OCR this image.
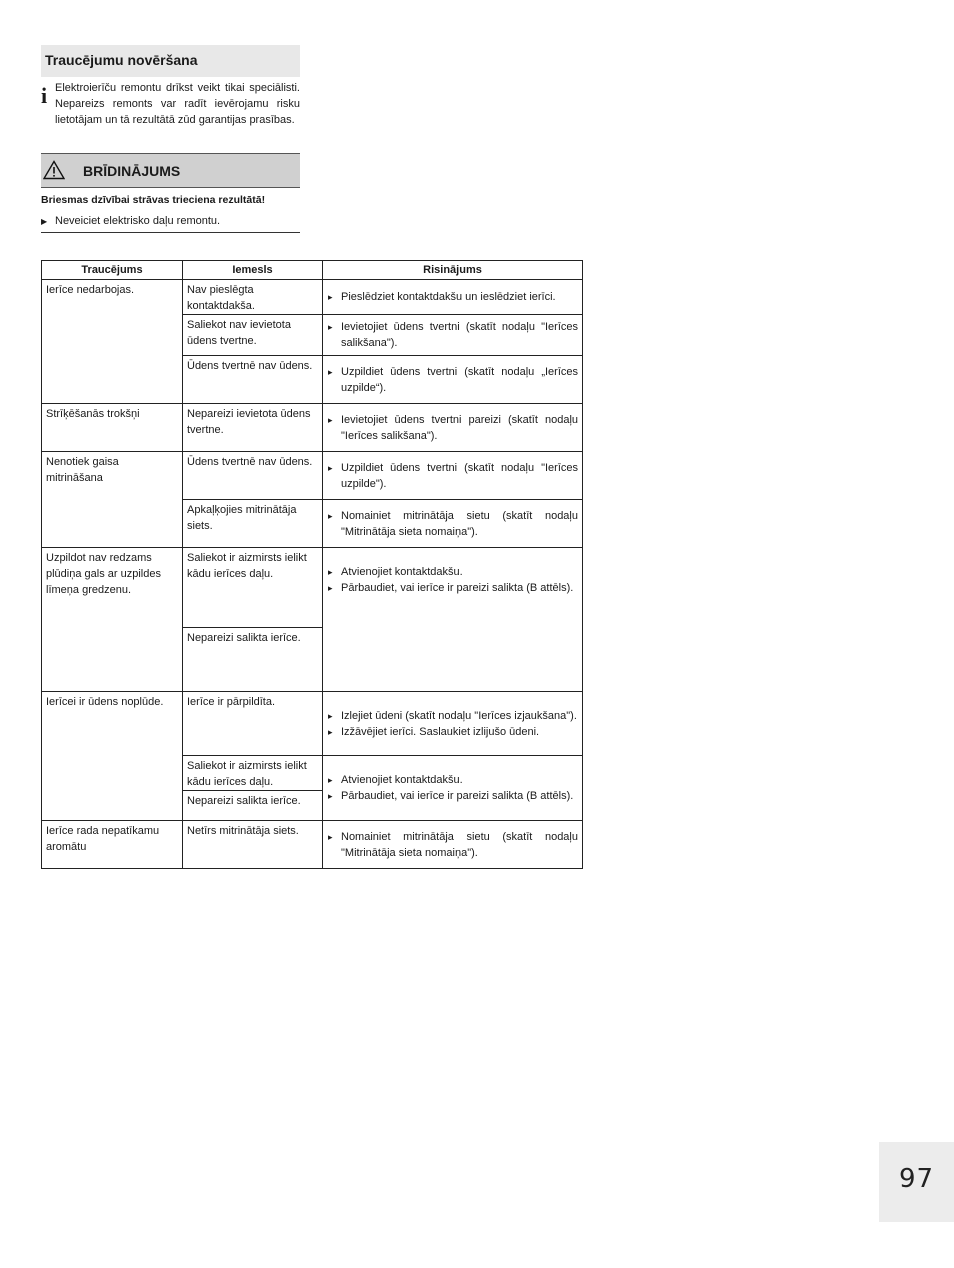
Traucējumu novēršana
i Elektroierīču remontu drīkst veikt tikai speciālisti. Nepareizs remonts var radīt ievērojamu risku lietotājam un tā rezultātā zūd garantijas prasības.
BRĪDINĀJUMS
Briesmas dzīvībai strāvas trieciena rezultātā!
▶ Neveiciet elektrisko daļu remontu.
Traucējums	Iemesls	Risinājums
Ierīce nedarbojas.	Nav pieslēgta kontaktdakša.	▸ Pieslēdziet kontaktdakšu un ieslēdziet ierīci.

	Saliekot nav ievietota ūdens tvertne.	▸ Ievietojiet ūdens tvertni (skatīt nodaļu "Ierīces salikšana").

	Ūdens tvertnē nav ūdens.	▸ Uzpildiet ūdens tvertni (skatīt nodaļu „Ierīces uzpilde“).

Strīķēšanās trokšņi	Nepareizi ievietota ūdens tvertne.	▸ Ievietojiet ūdens tvertni pareizi (skatīt nodaļu "Ierīces salikšana").

Nenotiek gaisa mitrināšana	Ūdens tvertnē nav ūdens.	▸ Uzpildiet ūdens tvertni (skatīt nodaļu "Ierīces uzpilde").

	Apkaļķojies mitrinātāja siets.	▸ Nomainiet mitrinātāja sietu (skatīt nodaļu "Mitrinātāja sieta nomaiņa").

Uzpildot nav redzams plūdiņa gals ar uzpildes līmeņa gredzenu.	Saliekot ir aizmirsts ielikt kādu ierīces daļu.	▸ Atvienojiet kontaktdakšu.
▸ Pārbaudiet, vai ierīce ir pareizi salikta (B attēls).

	Nepareizi salikta ierīce.	
Ierīcei ir ūdens noplūde.	Ierīce ir pārpildīta.	▸ Izlejiet ūdeni (skatīt nodaļu "Ierīces izjaukšana").
▸ Izžāvējiet ierīci. Saslaukiet izlijušo ūdeni.

	Saliekot ir aizmirsts ielikt kādu ierīces daļu.	▸ Atvienojiet kontaktdakšu.
▸ Pārbaudiet, vai ierīce ir pareizi salikta (B attēls).

	Nepareizi salikta ierīce.	
Ierīce rada nepatīkamu aromātu	Netīrs mitrinātāja siets.	▸ Nomainiet mitrinātāja sietu (skatīt nodaļu "Mitrinātāja sieta nomaiņa").
97
